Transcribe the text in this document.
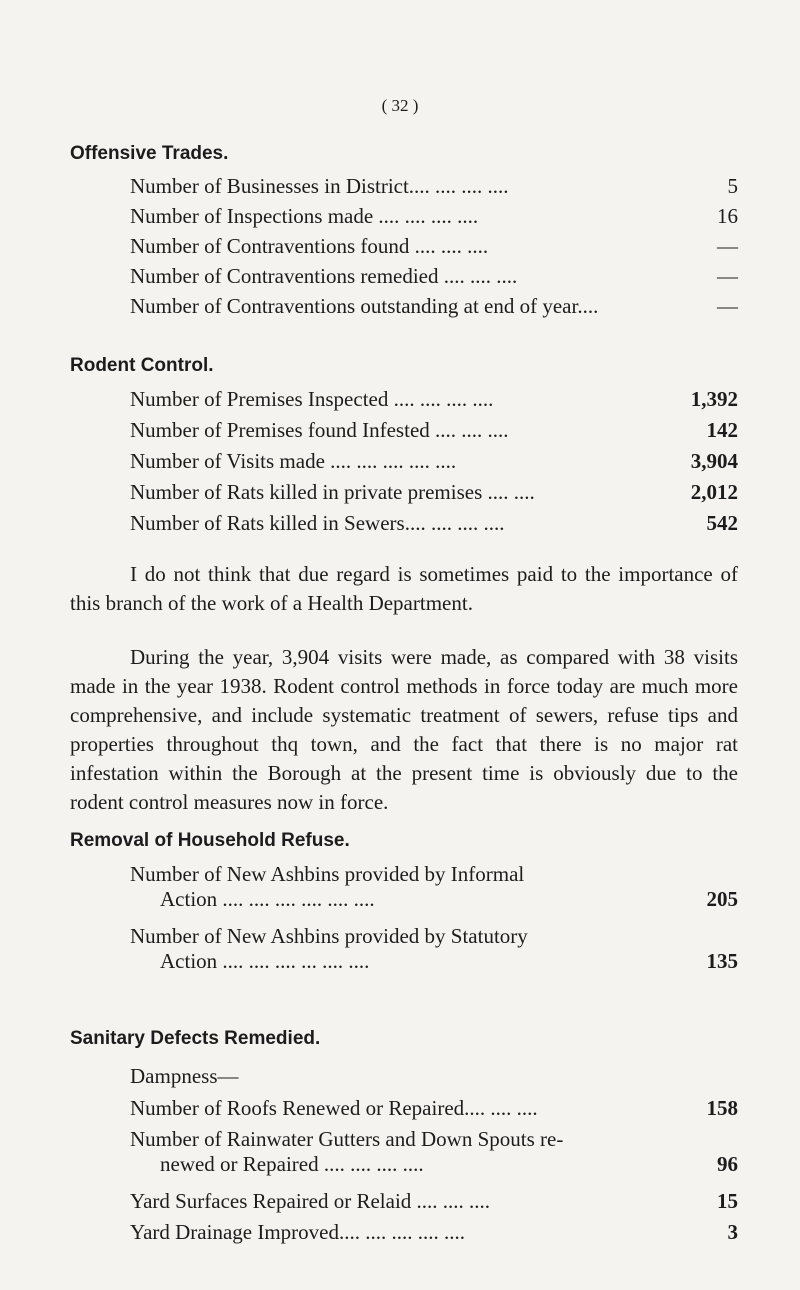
( 32 )
Offensive Trades.
Number of Businesses in District.... .... .... ....	5
Number of Inspections made .... .... .... ....	16
Number of Contraventions found .... .... ....	—
Number of Contraventions remedied .... .... ....	—
Number of Contraventions outstanding at end of year....	—
Rodent Control.
Number of Premises Inspected .... .... .... ....	1,392
Number of Premises found Infested .... .... ....	142
Number of Visits made .... .... .... .... ....	3,904
Number of Rats killed in private premises .... ....	2,012
Number of Rats killed in Sewers.... .... .... ....	542
I do not think that due regard is sometimes paid to the importance of this branch of the work of a Health Department.
During the year, 3,904 visits were made, as compared with 38 visits made in the year 1938. Rodent control methods in force today are much more comprehensive, and include systematic treatment of sewers, refuse tips and properties throughout thq town, and the fact that there is no major rat infestation within the Borough at the present time is obviously due to the rodent control measures now in force.
Removal of Household Refuse.
Number of New Ashbins provided by Informal
Action .... .... .... .... .... ....	205
Number of New Ashbins provided by Statutory
Action .... .... .... ... .... ....	135
Sanitary Defects Remedied.
Dampness—
Number of Roofs Renewed or Repaired.... .... ....	158
Number of Rainwater Gutters and Down Spouts re-
newed or Repaired .... .... .... ....	96
Yard Surfaces Repaired or Relaid .... .... ....	15
Yard Drainage Improved.... .... .... .... ....	3
